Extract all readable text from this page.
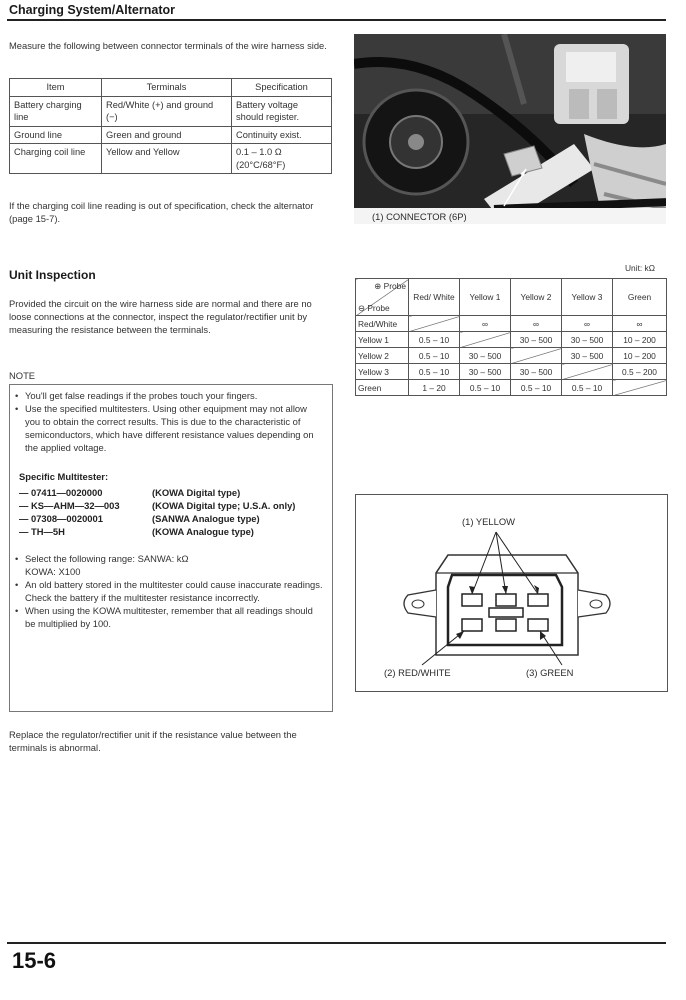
Charging System/Alternator
Measure the following between connector terminals of the wire harness side.
Item	Terminals	Specification
Battery charging line	Red/White (+) and ground (−)	Battery voltage should register.
Ground line	Green and ground	Continuity exist.
Charging coil line	Yellow and Yellow	0.1 – 1.0 Ω (20°C/68°F)
If the charging coil line reading is out of specification, check the alternator (page 15-7).	(1) CONNECTOR (6P)
Unit Inspection
Provided the circuit on the wire harness side are normal and there are no loose connections at the connector, inspect the regulator/rectifier unit by measuring the resistance between the terminals.
NOTE
• You'll get false readings if the probes touch your fingers.
• Use the specified multitesters. Using other equipment may not allow you to obtain the correct results. This is due to the characteristic of semiconductors, which have different resistance values depending on the applied voltage.
Specific Multitester:
— 07411—0020000	(KOWA Digital type)
— KS—AHM—32—003	(KOWA Digital type; U.S.A. only)
— 07308—0020001	(SANWA Analogue type)
— TH—5H	(KOWA Analogue type)
• Select the following range: SANWA: kΩ KOWA: X100
• An old battery stored in the multitester could cause inaccurate readings. Check the battery if the multitester resistance incorrectly.
• When using the KOWA multitester, remember that all readings should be multiplied by 100.
Replace the regulator/rectifier unit if the resistance value between the terminals is abnormal.
Unit: kΩ
⊕ Probe
⊖ Probe	Red/ White	Yellow 1	Yellow 2	Yellow 3	Green
Red/White		∞	∞	∞	∞
Yellow 1	0.5 – 10		30 – 500	30 – 500	10 – 200
Yellow 2	0.5 – 10	30 – 500		30 – 500	10 – 200
Yellow 3	0.5 – 10	30 – 500	30 – 500		0.5 – 200
Green	1 – 20	0.5 – 10	0.5 – 10	0.5 – 10	
(1) YELLOW
(2) RED/WHITE	(3) GREEN
15-6
